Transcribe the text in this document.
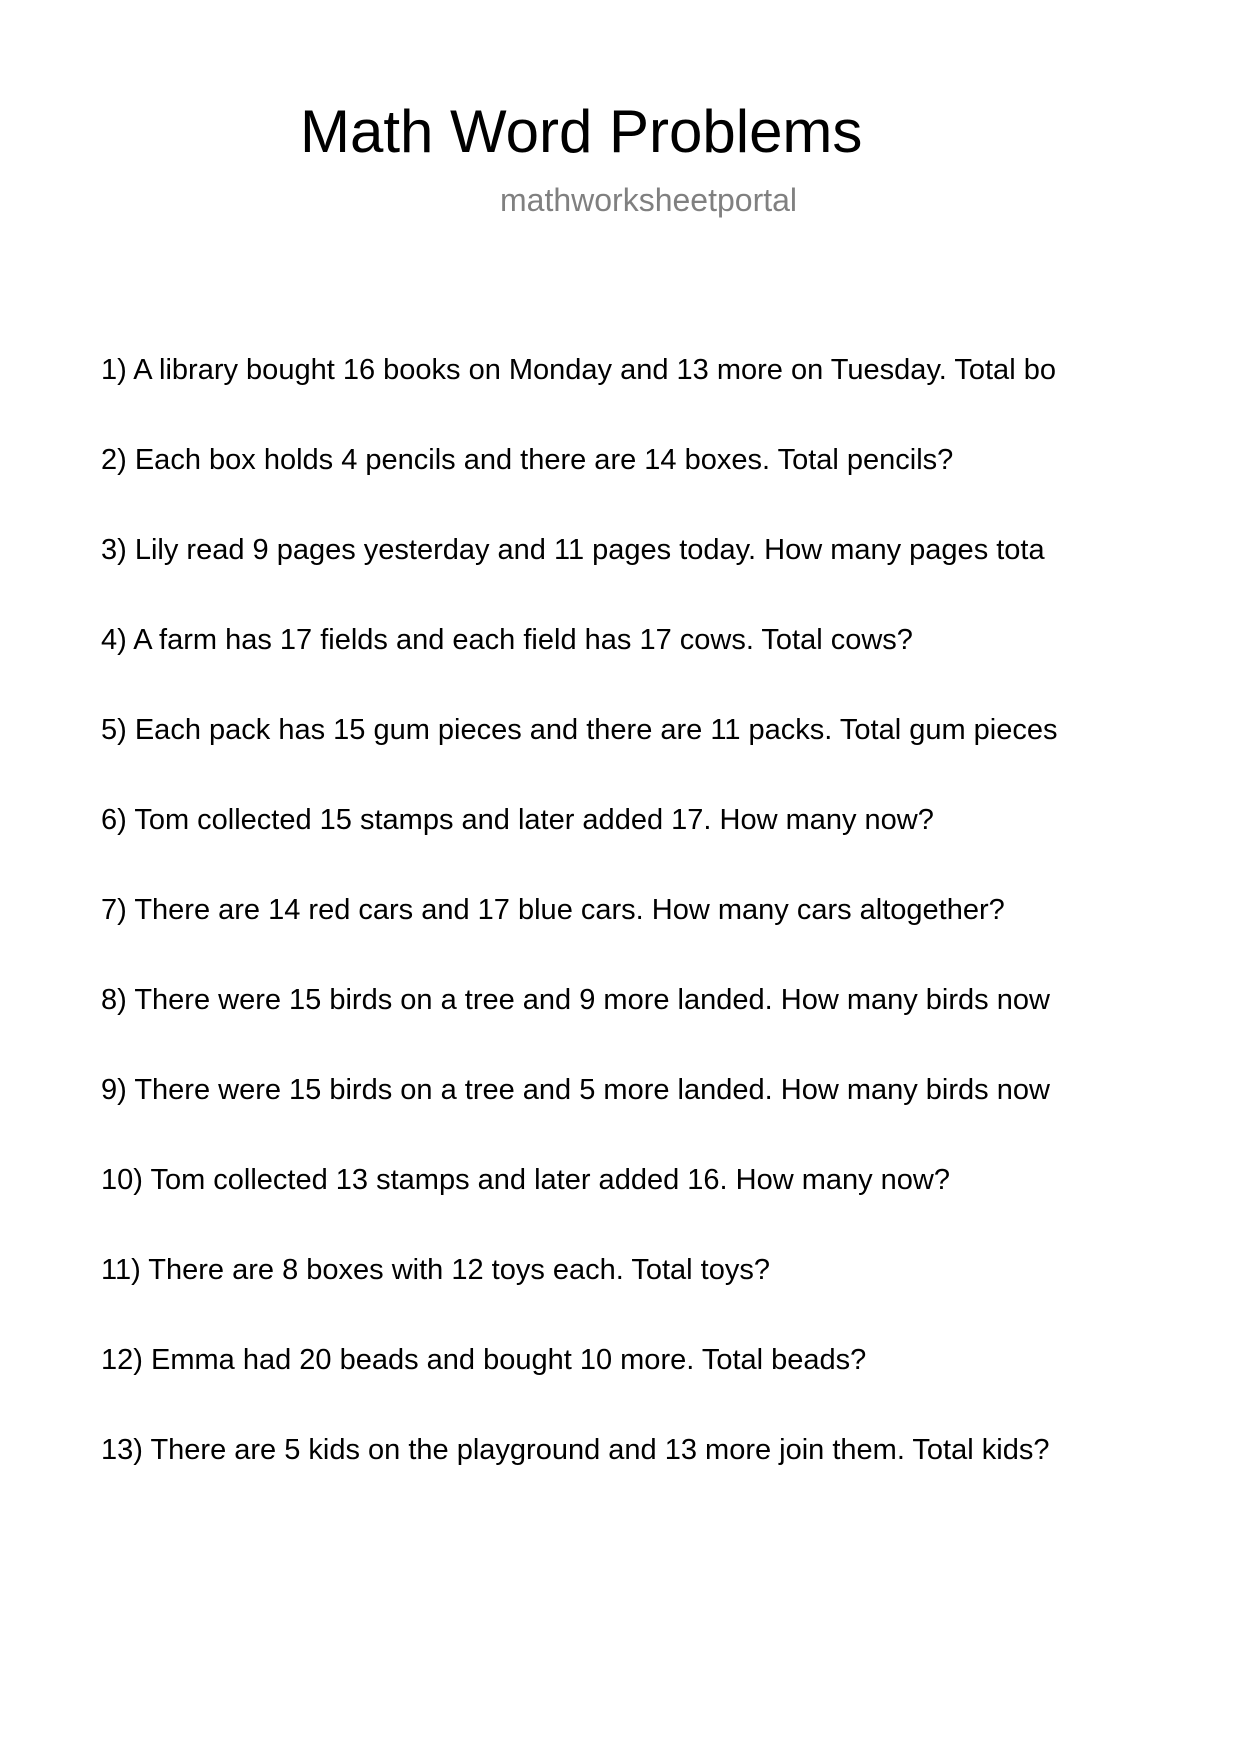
Math Word Problems
mathworksheetportal
1) A library bought 16 books on Monday and 13 more on Tuesday. Total bo
2) Each box holds 4 pencils and there are 14 boxes. Total pencils?
3) Lily read 9 pages yesterday and 11 pages today. How many pages tota
4) A farm has 17 fields and each field has 17 cows. Total cows?
5) Each pack has 15 gum pieces and there are 11 packs. Total gum pieces
6) Tom collected 15 stamps and later added 17. How many now?
7) There are 14 red cars and 17 blue cars. How many cars altogether?
8) There were 15 birds on a tree and 9 more landed. How many birds now
9) There were 15 birds on a tree and 5 more landed. How many birds now
10) Tom collected 13 stamps and later added 16. How many now?
11) There are 8 boxes with 12 toys each. Total toys?
12) Emma had 20 beads and bought 10 more. Total beads?
13) There are 5 kids on the playground and 13 more join them. Total kids?
